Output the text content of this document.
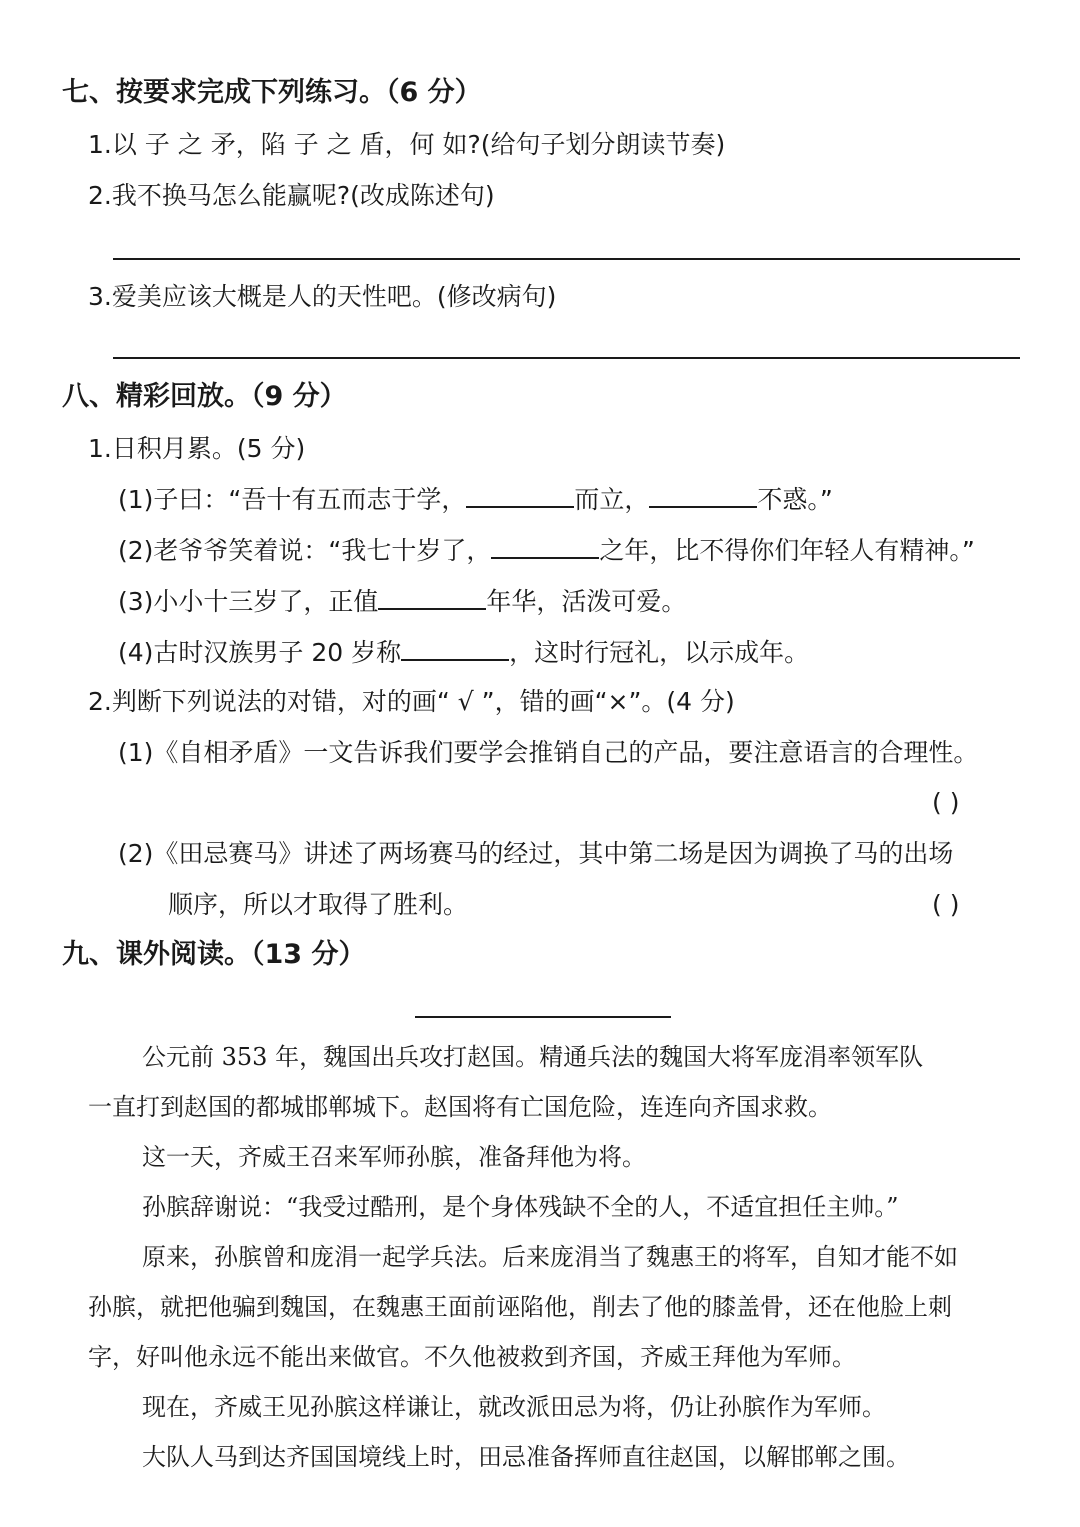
七、按要求完成下列练习。（6 分）
1.以 子 之 矛，陷 子 之 盾，何 如?(给句子划分朗读节奏)
2.我不换马怎么能赢呢?(改成陈述句)
3.爱美应该大概是人的天性吧。(修改病句)
八、精彩回放。（9 分）
1.日积月累。(5 分)
(1)子曰：“吾十有五而志于学，	而立，	不惑。”
(2)老爷爷笑着说：“我七十岁了，	之年，比不得你们年轻人有精神。”
(3)小小十三岁了，正值	年华，活泼可爱。
(4)古时汉族男子 20 岁称	，这时行冠礼，以示成年。
2.判断下列说法的对错，对的画“ √ ”，错的画“×”。(4 分)
(1)《自相矛盾》一文告诉我们要学会推销自己的产品，要注意语言的合理性。
( )
(2)《田忌赛马》讲述了两场赛马的经过，其中第二场是因为调换了马的出场
顺序，所以才取得了胜利。	( )
九、课外阅读。（13 分）
公元前 353 年，魏国出兵攻打赵国。精通兵法的魏国大将军庞涓率领军队
一直打到赵国的都城邯郸城下。赵国将有亡国危险，连连向齐国求救。
这一天，齐威王召来军师孙膑，准备拜他为将。
孙膑辞谢说：“我受过酷刑，是个身体残缺不全的人，不适宜担任主帅。”
原来，孙膑曾和庞涓一起学兵法。后来庞涓当了魏惠王的将军，自知才能不如
孙膑，就把他骗到魏国，在魏惠王面前诬陷他，削去了他的膝盖骨，还在他脸上刺
字，好叫他永远不能出来做官。不久他被救到齐国，齐威王拜他为军师。
现在，齐威王见孙膑这样谦让，就改派田忌为将，仍让孙膑作为军师。
大队人马到达齐国国境线上时，田忌准备挥师直往赵国，以解邯郸之围。
